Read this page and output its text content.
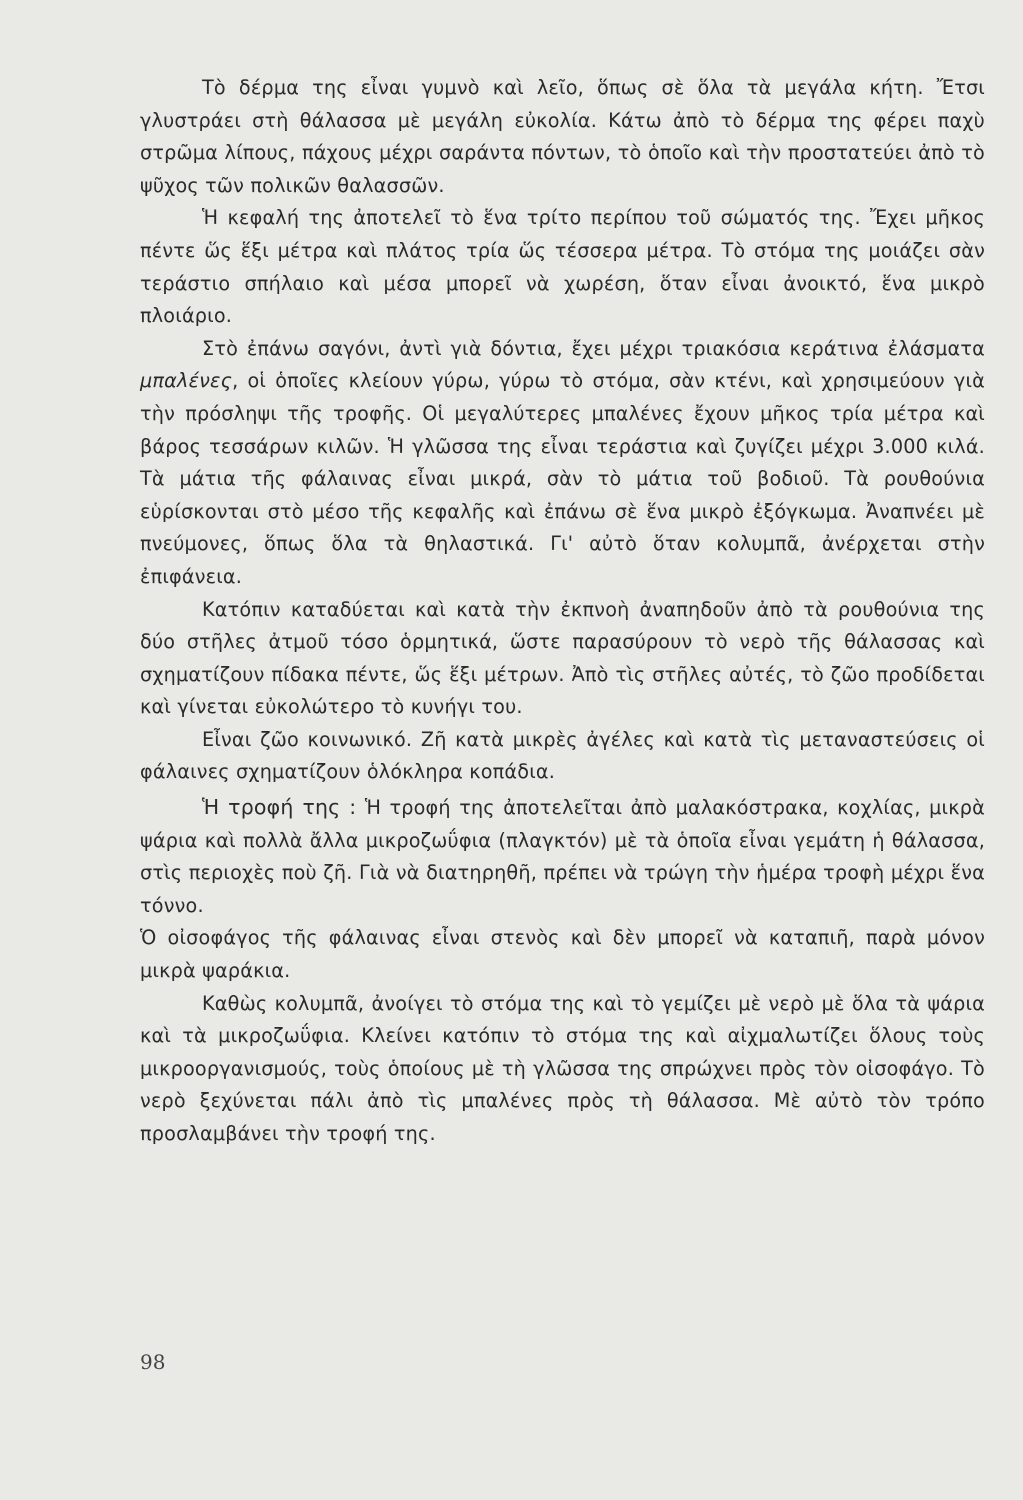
Τὸ δέρμα της εἶναι γυμνὸ καὶ λεῖο, ὅπως σὲ ὅλα τὰ μεγάλα κήτη. Ἔτσι γλυστράει στὴ θάλασσα μὲ μεγάλη εὐκολία. Κάτω ἀπὸ τὸ δέρμα της φέρει παχὺ στρῶμα λίπους, πάχους μέχρι σαράντα πόντων, τὸ ὁποῖο καὶ τὴν προστατεύει ἀπὸ τὸ ψῦχος τῶν πολικῶν θαλασσῶν.

Ἡ κεφαλή της ἀποτελεῖ τὸ ἕνα τρίτο περίπου τοῦ σώματός της. Ἔχει μῆκος πέντε ὥς ἕξι μέτρα καὶ πλάτος τρία ὥς τέσσερα μέτρα. Τὸ στόμα της μοιάζει σὰν τεράστιο σπήλαιο καὶ μέσα μπορεῖ νὰ χωρέση, ὅταν εἶναι ἀνοικτό, ἕνα μικρὸ πλοιάριο.

Στὸ ἐπάνω σαγόνι, ἀντὶ γιὰ δόντια, ἔχει μέχρι τριακόσια κεράτινα ἐλάσματα μπαλένες, οἱ ὁποῖες κλείουν γύρω, γύρω τὸ στόμα, σὰν κτένι, καὶ χρησιμεύουν γιὰ τὴν πρόσληψι τῆς τροφῆς. Οἱ μεγαλύτερες μπαλένες ἔχουν μῆκος τρία μέτρα καὶ βάρος τεσσάρων κιλῶν. Ἡ γλῶσσα της εἶναι τεράστια καὶ ζυγίζει μέχρι 3.000 κιλά. Τὰ μάτια τῆς φάλαινας εἶναι μικρά, σὰν τὸ μάτια τοῦ βοδιοῦ. Τὰ ρουθούνια εὑρίσκονται στὸ μέσο τῆς κεφαλῆς καὶ ἐπάνω σὲ ἕνα μικρὸ ἐξόγκωμα. Ἀναπνέει μὲ πνεύμονες, ὅπως ὅλα τὰ θηλαστικά. Γι' αὐτὸ ὅταν κολυμπᾶ, ἀνέρχεται στὴν ἐπιφάνεια.

Κατόπιν καταδύεται καὶ κατὰ τὴν ἐκπνοὴ ἀναπηδοῦν ἀπὸ τὰ ρουθούνια της δύο στῆλες ἀτμοῦ τόσο ὁρμητικά, ὥστε παρασύρουν τὸ νερὸ τῆς θάλασσας καὶ σχηματίζουν πίδακα πέντε, ὥς ἕξι μέτρων. Ἀπὸ τὶς στῆλες αὐτές, τὸ ζῶο προδίδεται καὶ γίνεται εὐκολώτερο τὸ κυνήγι του.

Εἶναι ζῶο κοινωνικό. Ζῆ κατὰ μικρὲς ἀγέλες καὶ κατὰ τὶς μεταναστεύσεις οἱ φάλαινες σχηματίζουν ὁλόκληρα κοπάδια.

Ἡ τροφή της : Ἡ τροφή της ἀποτελεῖται ἀπὸ μαλακόστρακα, κοχλίας, μικρὰ ψάρια καὶ πολλὰ ἄλλα μικροζωΰφια (πλαγκτόν) μὲ τὰ ὁποῖα εἶναι γεμάτη ἡ θάλασσα, στὶς περιοχὲς ποὺ ζῆ. Γιὰ νὰ διατηρηθῆ, πρέπει νὰ τρώγη τὴν ἡμέρα τροφὴ μέχρι ἕνα τόννο.

Ὁ οἰσοφάγος τῆς φάλαινας εἶναι στενὸς καὶ δὲν μπορεῖ νὰ καταπιῆ, παρὰ μόνον μικρὰ ψαράκια.

Καθὼς κολυμπᾶ, ἀνοίγει τὸ στόμα της καὶ τὸ γεμίζει μὲ νερὸ μὲ ὅλα τὰ ψάρια καὶ τὰ μικροζωΰφια. Κλείνει κατόπιν τὸ στόμα της καὶ αἰχμαλωτίζει ὅλους τοὺς μικροοργανισμούς, τοὺς ὁποίους μὲ τὴ γλῶσσα της σπρώχνει πρὸς τὸν οἰσοφάγο. Τὸ νερὸ ξεχύνεται πάλι ἀπὸ τὶς μπαλένες πρὸς τὴ θάλασσα. Μὲ αὐτὸ τὸν τρόπο προσλαμβάνει τὴν τροφή της.

98
